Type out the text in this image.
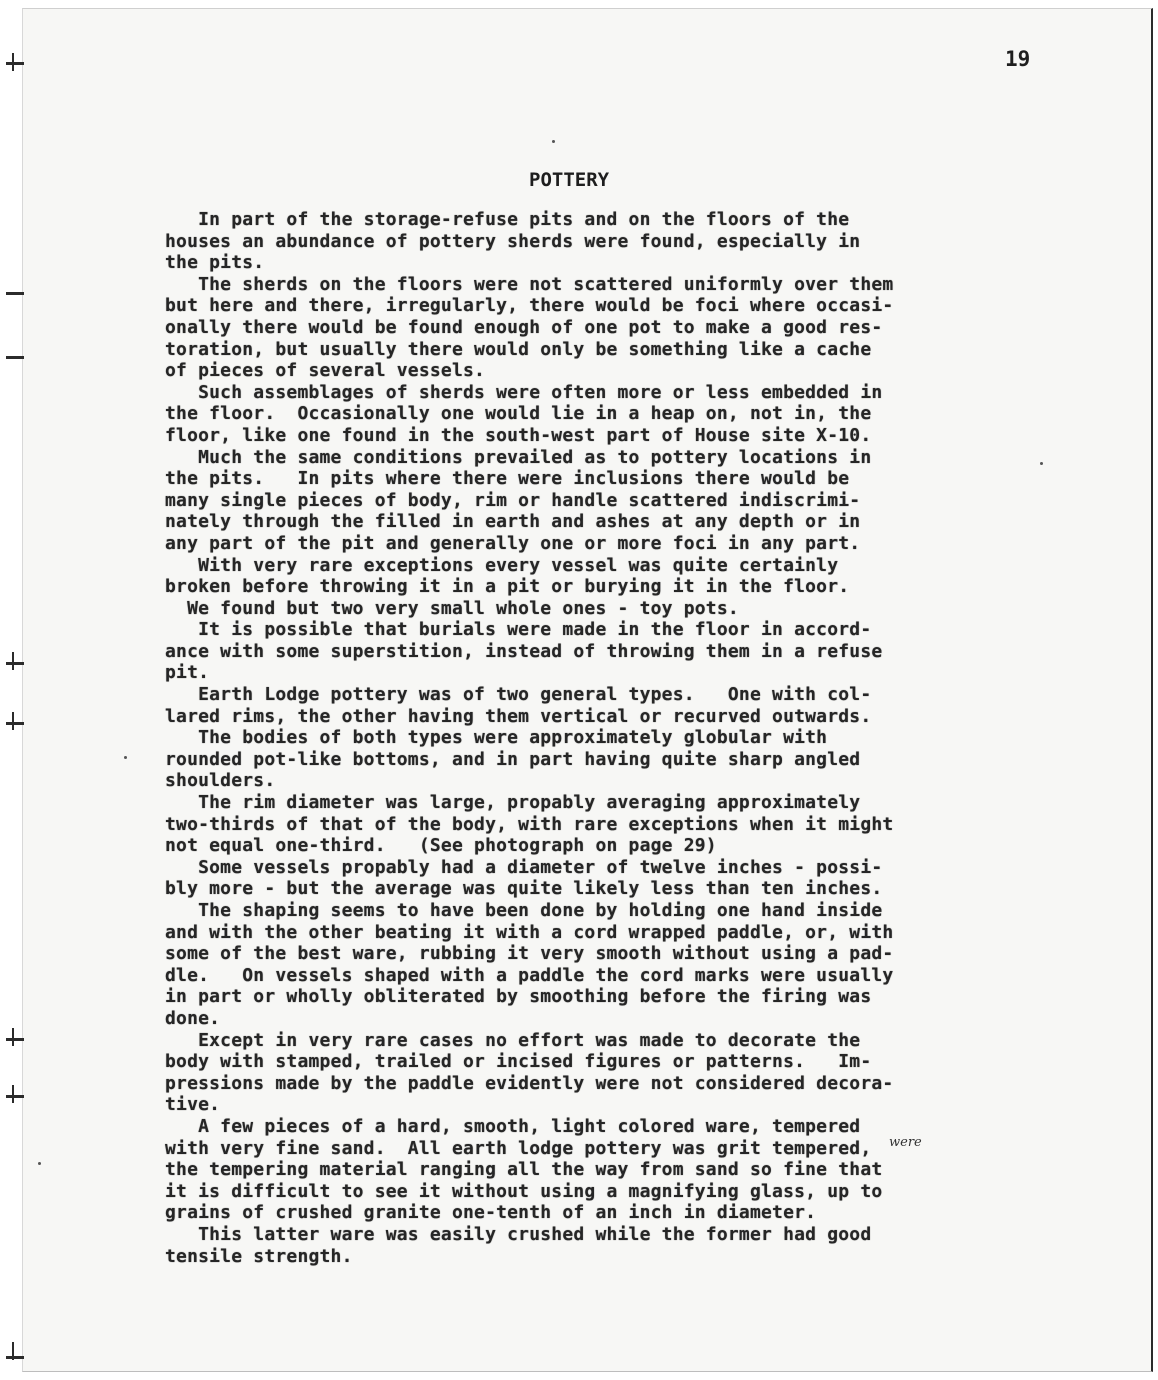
19
POTTERY
were
In part of the storage-refuse pits and on the floors of the
houses an abundance of pottery sherds were found, especially in
the pits.
The sherds on the floors were not scattered uniformly over them
but here and there, irregularly, there would be foci where occasi-
onally there would be found enough of one pot to make a good res-
toration, but usually there would only be something like a cache
of pieces of several vessels.
Such assemblages of sherds were often more or less embedded in
the floor.  Occasionally one would lie in a heap on, not in, the
floor, like one found in the south-west part of House site X-10.
Much the same conditions prevailed as to pottery locations in
the pits.   In pits where there were inclusions there would be
many single pieces of body, rim or handle scattered indiscrimi-
nately through the filled in earth and ashes at any depth or in
any part of the pit and generally one or more foci in any part.
With very rare exceptions every vessel was quite certainly
broken before throwing it in a pit or burying it in the floor.
We found but two very small whole ones - toy pots.
It is possible that burials were made in the floor in accord-
ance with some superstition, instead of throwing them in a refuse
pit.
Earth Lodge pottery was of two general types.   One with col-
lared rims, the other having them vertical or recurved outwards.
The bodies of both types were approximately globular with
rounded pot-like bottoms, and in part having quite sharp angled
shoulders.
The rim diameter was large, propably averaging approximately
two-thirds of that of the body, with rare exceptions when it might
not equal one-third.   (See photograph on page 29)
Some vessels propably had a diameter of twelve inches - possi-
bly more - but the average was quite likely less than ten inches.
The shaping seems to have been done by holding one hand inside
and with the other beating it with a cord wrapped paddle, or, with
some of the best ware, rubbing it very smooth without using a pad-
dle.   On vessels shaped with a paddle the cord marks were usually
in part or wholly obliterated by smoothing before the firing was
done.
Except in very rare cases no effort was made to decorate the
body with stamped, trailed or incised figures or patterns.   Im-
pressions made by the paddle evidently were not considered decora-
tive.
A few pieces of a hard, smooth, light colored ware, tempered
with very fine sand.  All earth lodge pottery was grit tempered,
the tempering material ranging all the way from sand so fine that
it is difficult to see it without using a magnifying glass, up to
grains of crushed granite one-tenth of an inch in diameter.
This latter ware was easily crushed while the former had good
tensile strength.
